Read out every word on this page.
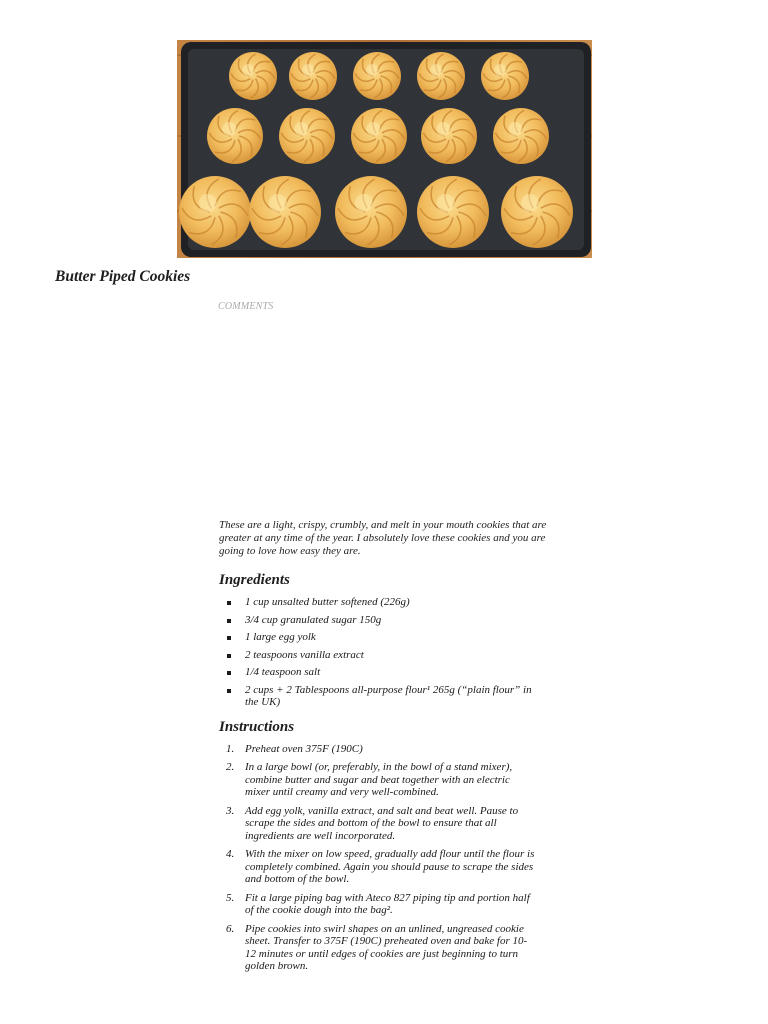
Butter Piped Cookies
COMMENTS

These are a light, crispy, crumbly, and melt in your mouth cookies that are greater at any time of the year. I absolutely love these cookies and you are going to love how easy they are.

Ingredients
1 cup unsalted butter softened (226g)
3/4 cup granulated sugar 150g
1 large egg yolk
2 teaspoons vanilla extract
1/4 teaspoon salt
2 cups + 2 Tablespoons all-purpose flour¹ 265g (“plain flour” in the UK)
Instructions
1. Preheat oven 375F (190C)
2. In a large bowl (or, preferably, in the bowl of a stand mixer), combine butter and sugar and beat together with an electric mixer until creamy and very well-combined.
3. Add egg yolk, vanilla extract, and salt and beat well. Pause to scrape the sides and bottom of the bowl to ensure that all ingredients are well incorporated.
4. With the mixer on low speed, gradually add flour until the flour is completely combined. Again you should pause to scrape the sides and bottom of the bowl.
5. Fit a large piping bag with Ateco 827 piping tip and portion half of the cookie dough into the bag².
6. Pipe cookies into swirl shapes on an unlined, ungreased cookie sheet. Transfer to 375F (190C) preheated oven and bake for 10-12 minutes or until edges of cookies are just beginning to turn golden brown.
